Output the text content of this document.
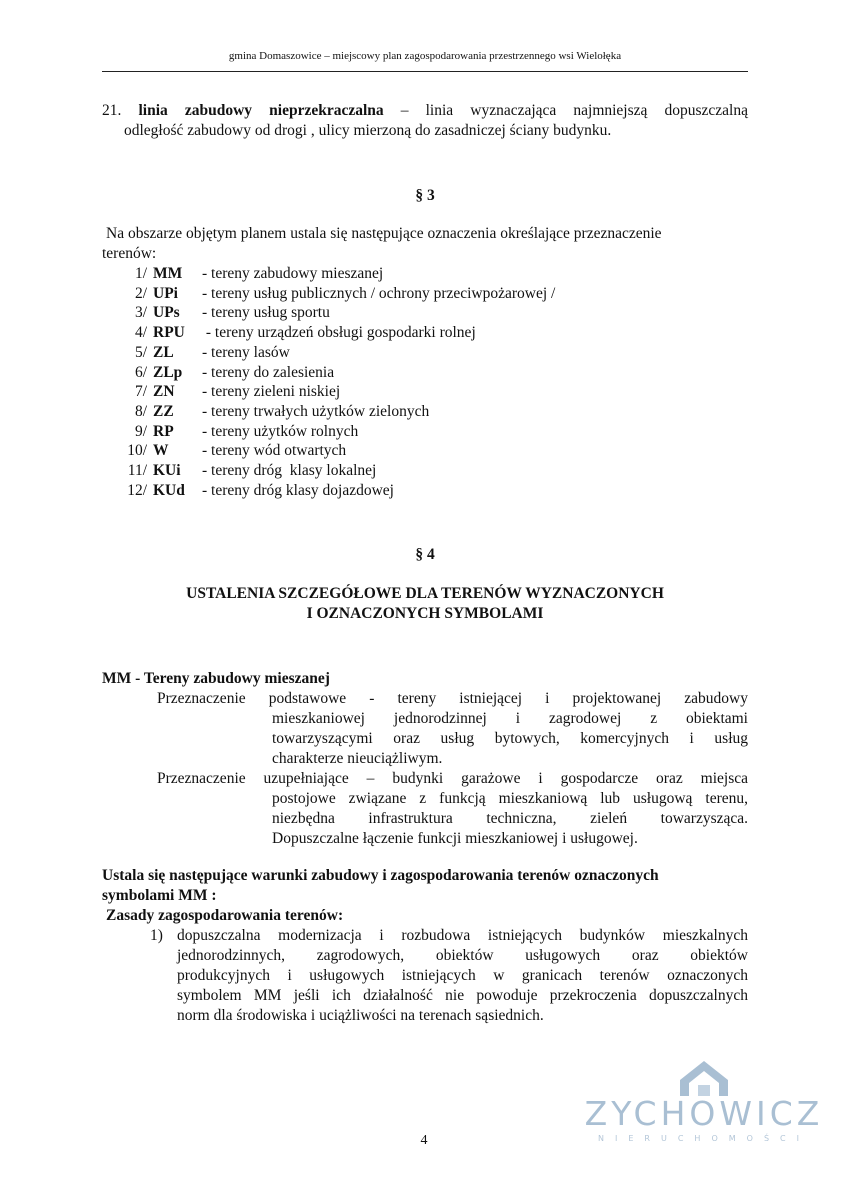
gmina Domaszowice – miejscowy plan zagospodarowania przestrzennego wsi Wielołęka
21. linia zabudowy nieprzekraczalna – linia wyznaczająca najmniejszą dopuszczalną
odległość zabudowy od drogi , ulicy mierzoną do zasadniczej ściany budynku.
§ 3
Na obszarze objętym planem ustala się następujące oznaczenia określające przeznaczenie
terenów:
1/ MM - tereny zabudowy mieszanej
2/ UPi - tereny usług publicznych / ochrony przeciwpożarowej /
3/ UPs - tereny usług sportu
4/ RPU - tereny urządzeń obsługi gospodarki rolnej
5/ ZL - tereny lasów
6/ ZLp - tereny do zalesienia
7/ ZN - tereny zieleni niskiej
8/ ZZ - tereny trwałych użytków zielonych
9/ RP - tereny użytków rolnych
10/ W - tereny wód otwartych
11/ KUi - tereny dróg  klasy lokalnej
12/ KUd - tereny dróg klasy dojazdowej
§ 4
USTALENIA SZCZEGÓŁOWE DLA TERENÓW WYZNACZONYCH
I OZNACZONYCH SYMBOLAMI
MM - Tereny zabudowy mieszanej
Przeznaczenie podstawowe - tereny istniejącej i projektowanej zabudowy
mieszkaniowej jednorodzinnej i zagrodowej z obiektami
towarzyszącymi oraz usług bytowych, komercyjnych i usług
charakterze nieuciążliwym.
Przeznaczenie uzupełniające – budynki garażowe i gospodarcze oraz miejsca
postojowe związane z funkcją mieszkaniową lub usługową terenu,
niezbędna infrastruktura techniczna, zieleń towarzysząca.
Dopuszczalne łączenie funkcji mieszkaniowej i usługowej.
Ustala się następujące warunki zabudowy i zagospodarowania terenów oznaczonych
symbolami MM :
Zasady zagospodarowania terenów:
1) dopuszczalna modernizacja i rozbudowa istniejących budynków mieszkalnych
jednorodzinnych, zagrodowych, obiektów usługowych oraz obiektów
produkcyjnych i usługowych istniejących w granicach terenów oznaczonych
symbolem MM jeśli ich działalność nie powoduje przekroczenia dopuszczalnych
norm dla środowiska i uciążliwości na terenach sąsiednich.
ZYCHOWICZ
NIERUCHOMOŚCI
4
